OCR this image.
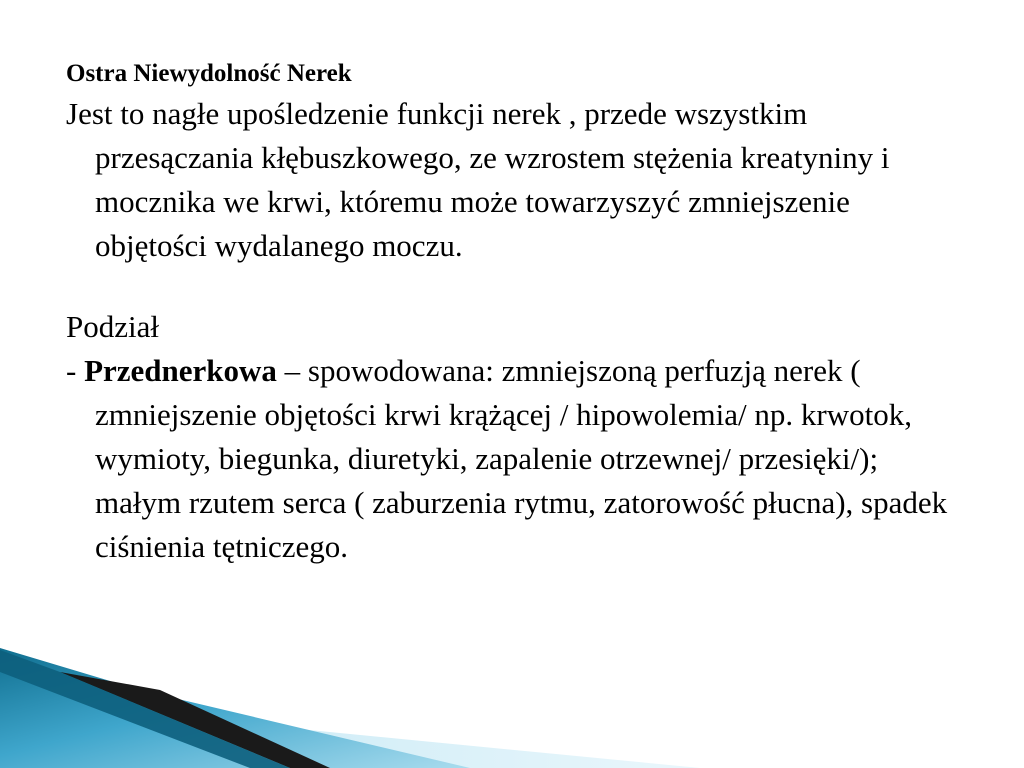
Ostra Niewydolność Nerek

Jest to nagłe upośledzenie funkcji nerek , przede wszystkim przesączania kłębuszkowego, ze wzrostem stężenia kreatyniny i mocznika we krwi, któremu może towarzyszyć zmniejszenie objętości wydalanego moczu.

Podział

- Przednerkowa – spowodowana: zmniejszoną perfuzją nerek ( zmniejszenie objętości krwi krążącej / hipowolemia/ np. krwotok, wymioty, biegunka, diuretyki, zapalenie otrzewnej/ przesięki/); małym rzutem serca ( zaburzenia rytmu, zatorowość płucna), spadek ciśnienia tętniczego.
